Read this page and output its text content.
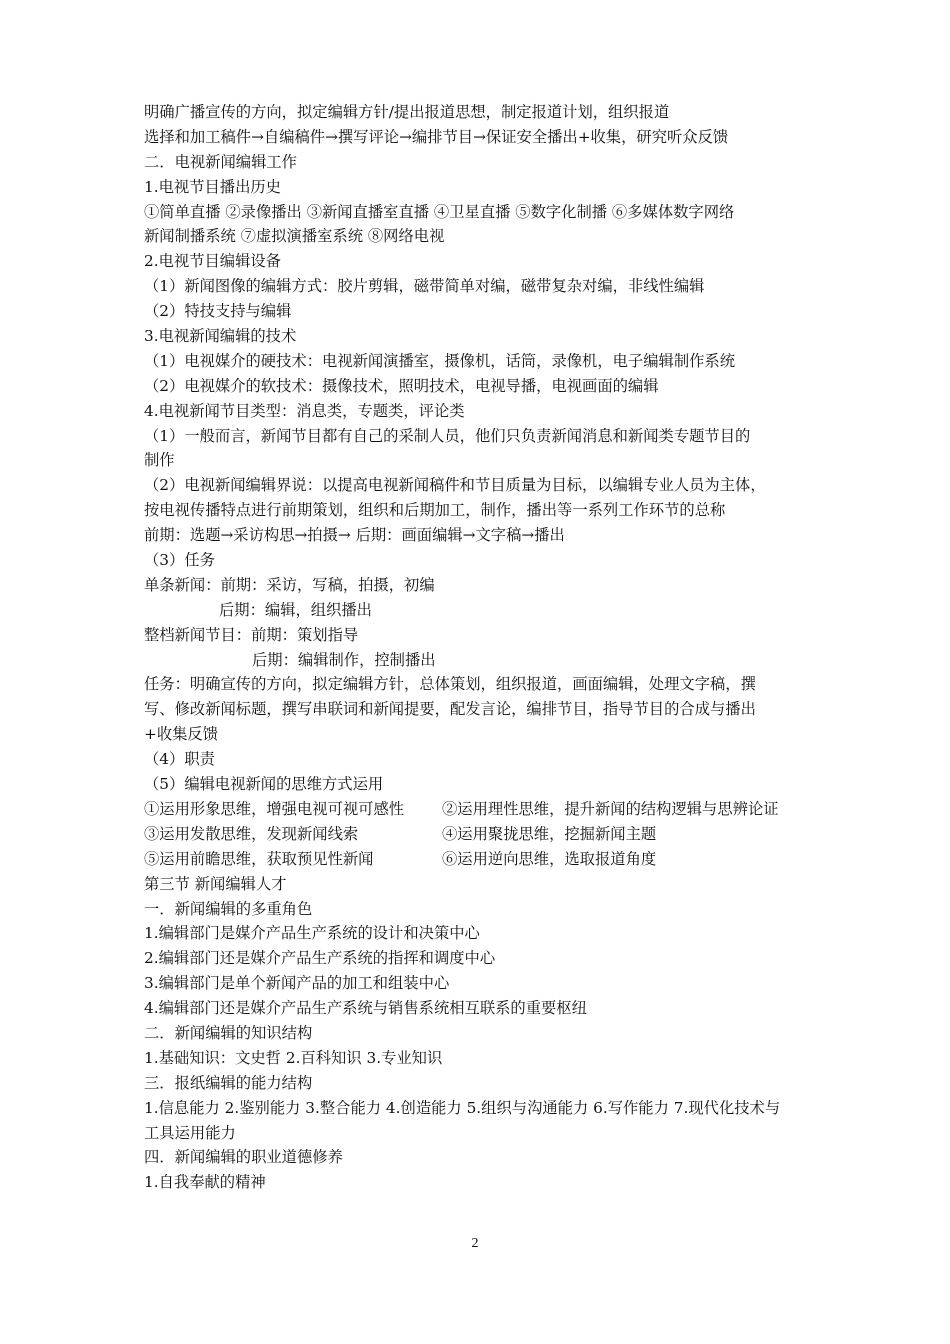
明确广播宣传的方向，拟定编辑方针/提出报道思想，制定报道计划，组织报道
选择和加工稿件→自编稿件→撰写评论→编排节目→保证安全播出+收集，研究听众反馈
二．电视新闻编辑工作
1.电视节目播出历史
①简单直播 ②录像播出 ③新闻直播室直播 ④卫星直播 ⑤数字化制播 ⑥多媒体数字网络
新闻制播系统 ⑦虚拟演播室系统 ⑧网络电视
2.电视节目编辑设备
（1）新闻图像的编辑方式：胶片剪辑，磁带简单对编，磁带复杂对编，非线性编辑
（2）特技支持与编辑
3.电视新闻编辑的技术
（1）电视媒介的硬技术：电视新闻演播室，摄像机，话筒，录像机，电子编辑制作系统
（2）电视媒介的软技术：摄像技术，照明技术，电视导播，电视画面的编辑
4.电视新闻节目类型：消息类，专题类，评论类
（1）一般而言，新闻节目都有自己的采制人员，他们只负责新闻消息和新闻类专题节目的
制作
（2）电视新闻编辑界说：以提高电视新闻稿件和节目质量为目标，以编辑专业人员为主体，
按电视传播特点进行前期策划，组织和后期加工，制作，播出等一系列工作环节的总称
前期：选题→采访构思→拍摄→ 后期：画面编辑→文字稿→播出
（3）任务
单条新闻：前期：采访，写稿，拍摄，初编
后期：编辑，组织播出
整档新闻节目：前期：策划指导
后期：编辑制作，控制播出
任务：明确宣传的方向，拟定编辑方针，总体策划，组织报道，画面编辑，处理文字稿，撰
写、修改新闻标题，撰写串联词和新闻提要，配发言论，编排节目，指导节目的合成与播出
+收集反馈
（4）职责
（5）编辑电视新闻的思维方式运用
①运用形象思维，增强电视可视可感性	②运用理性思维，提升新闻的结构逻辑与思辨论证
③运用发散思维，发现新闻线索	④运用聚拢思维，挖掘新闻主题
⑤运用前瞻思维，获取预见性新闻	⑥运用逆向思维，选取报道角度
第三节 新闻编辑人才
一．新闻编辑的多重角色
1.编辑部门是媒介产品生产系统的设计和决策中心
2.编辑部门还是媒介产品生产系统的指挥和调度中心
3.编辑部门是单个新闻产品的加工和组装中心
4.编辑部门还是媒介产品生产系统与销售系统相互联系的重要枢纽
二．新闻编辑的知识结构
1.基础知识：文史哲 2.百科知识 3.专业知识
三．报纸编辑的能力结构
1.信息能力 2.鉴别能力 3.整合能力 4.创造能力 5.组织与沟通能力 6.写作能力 7.现代化技术与
工具运用能力
四．新闻编辑的职业道德修养
1.自我奉献的精神
2
